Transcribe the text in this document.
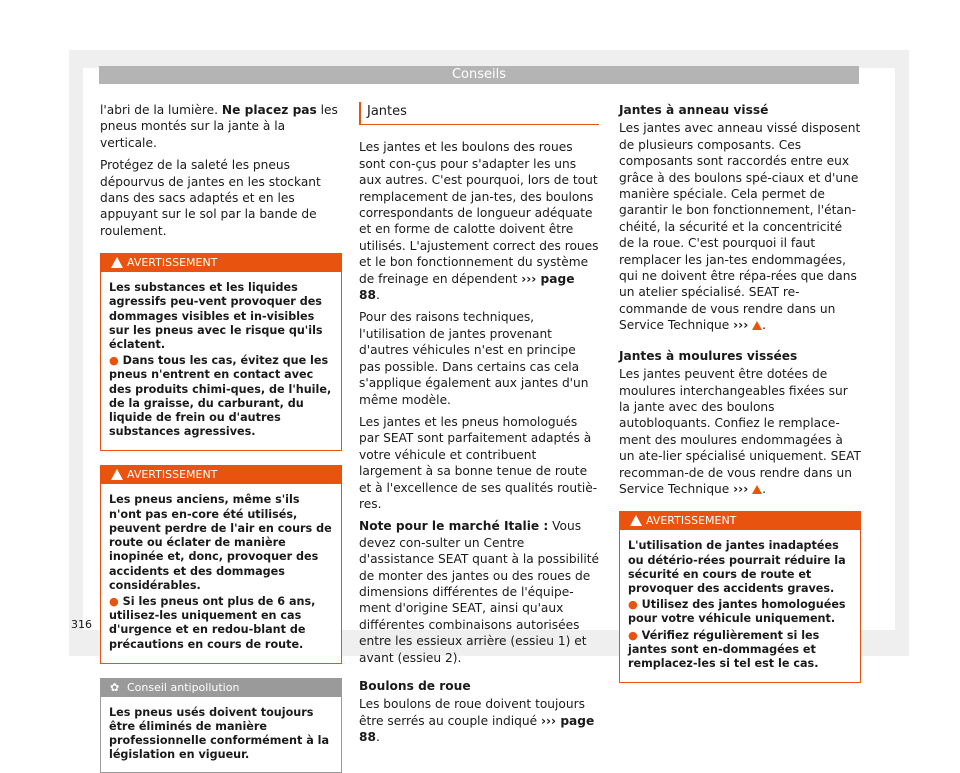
Conseils

l'abri de la lumière. Ne placez pas les pneus montés sur la jante à la verticale.

Protégez de la saleté les pneus dépourvus de jantes en les stockant dans des sacs adaptés et en les appuyant sur le sol par la bande de roulement.

AVERTISSEMENT

Les substances et les liquides agressifs peu-vent provoquer des dommages visibles et in-visibles sur les pneus avec le risque qu'ils éclatent.

● Dans tous les cas, évitez que les pneus n'entrent en contact avec des produits chimi-ques, de l'huile, de la graisse, du carburant, du liquide de frein ou d'autres substances agressives.

AVERTISSEMENT

Les pneus anciens, même s'ils n'ont pas en-core été utilisés, peuvent perdre de l'air en cours de route ou éclater de manière inopinée et, donc, provoquer des accidents et des dommages considérables.

● Si les pneus ont plus de 6 ans, utilisez-les uniquement en cas d'urgence et en redou-blant de précautions en cours de route.

✿ Conseil antipollution
Les pneus usés doivent toujours être éliminés de manière professionnelle conformément à la législation en vigueur.
Jantes

Les jantes et les boulons des roues sont con-çus pour s'adapter les uns aux autres. C'est pourquoi, lors de tout remplacement de jan-tes, des boulons correspondants de longueur adéquate et en forme de calotte doivent être utilisés. L'ajustement correct des roues et le bon fonctionnement du système de freinage en dépendent ››› page 88.

Pour des raisons techniques, l'utilisation de jantes provenant d'autres véhicules n'est en principe pas possible. Dans certains cas cela s'applique également aux jantes d'un même modèle.

Les jantes et les pneus homologués par SEAT sont parfaitement adaptés à votre véhicule et contribuent largement à sa bonne tenue de route et à l'excellence de ses qualités routiè-res.

Note pour le marché Italie : Vous devez con-sulter un Centre d'assistance SEAT quant à la possibilité de monter des jantes ou des roues de dimensions différentes de l'équipe-ment d'origine SEAT, ainsi qu'aux différentes combinaisons autorisées entre les essieux arrière (essieu 1) et avant (essieu 2).

Boulons de roue

Les boulons de roue doivent toujours être serrés au couple indiqué ››› page 88.

Jantes à anneau vissé

Les jantes avec anneau vissé disposent de plusieurs composants. Ces composants sont raccordés entre eux grâce à des boulons spé-ciaux et d'une manière spéciale. Cela permet de garantir le bon fonctionnement, l'étan-chéité, la sécurité et la concentricité de la roue. C'est pourquoi il faut remplacer les jan-tes endommagées, qui ne doivent être répa-rées que dans un atelier spécialisé. SEAT re-commande de vous rendre dans un Service Technique ››› .

Jantes à moulures vissées

Les jantes peuvent être dotées de moulures interchangeables fixées sur la jante avec des boulons autobloquants. Confiez le remplace-ment des moulures endommagées à un ate-lier spécialisé uniquement. SEAT recomman-de de vous rendre dans un Service Technique ››› .

AVERTISSEMENT

L'utilisation de jantes inadaptées ou détério-rées pourrait réduire la sécurité en cours de route et provoquer des accidents graves.

● Utilisez des jantes homologuées pour votre véhicule uniquement.

● Vérifiez régulièrement si les jantes sont en-dommagées et remplacez-les si tel est le cas.

316
